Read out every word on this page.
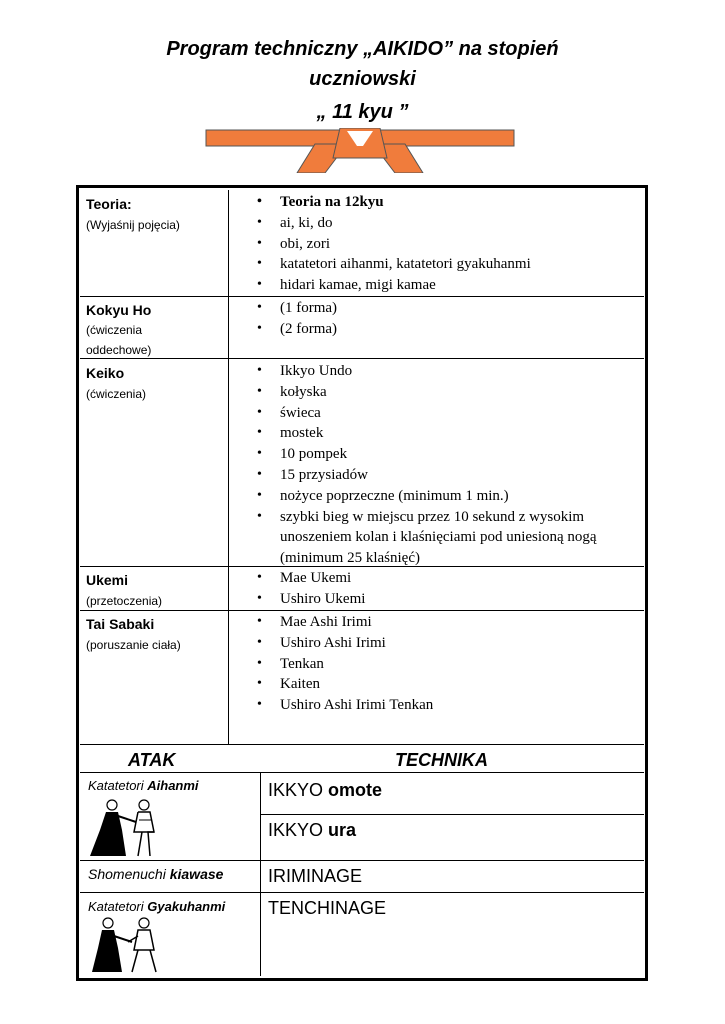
Program techniczny „AIKIDO” na stopień
uczniowski
„ 11 kyu ”
Teoria:
(Wyjaśnij pojęcia)
• Teoria na 12kyu
• ai, ki, do
• obi, zori
• katatetori aihanmi, katatetori gyakuhanmi
• hidari kamae, migi kamae
Kokyu Ho
(ćwiczenia oddechowe)
• (1 forma)
• (2 forma)
Keiko
(ćwiczenia)
• Ikkyo Undo
• kołyska
• świeca
• mostek
• 10 pompek
• 15 przysiadów
• nożyce poprzeczne (minimum 1 min.)
• szybki bieg w miejscu przez 10 sekund z wysokim unoszeniem kolan i klaśnięciami pod uniesioną nogą (minimum 25 klaśnięć)
Ukemi
(przetoczenia)
• Mae Ukemi
• Ushiro Ukemi
Tai Sabaki
(poruszanie ciała)
• Mae Ashi Irimi
• Ushiro Ashi Irimi
• Tenkan
• Kaiten
• Ushiro Ashi Irimi Tenkan
ATAK	TECHNIKA
Katatetori Aihanmi
Shomenuchi kiawase
Katatetori Gyakuhanmi
IKKYO omote
IKKYO ura
IRIMINAGE
TENCHINAGE
